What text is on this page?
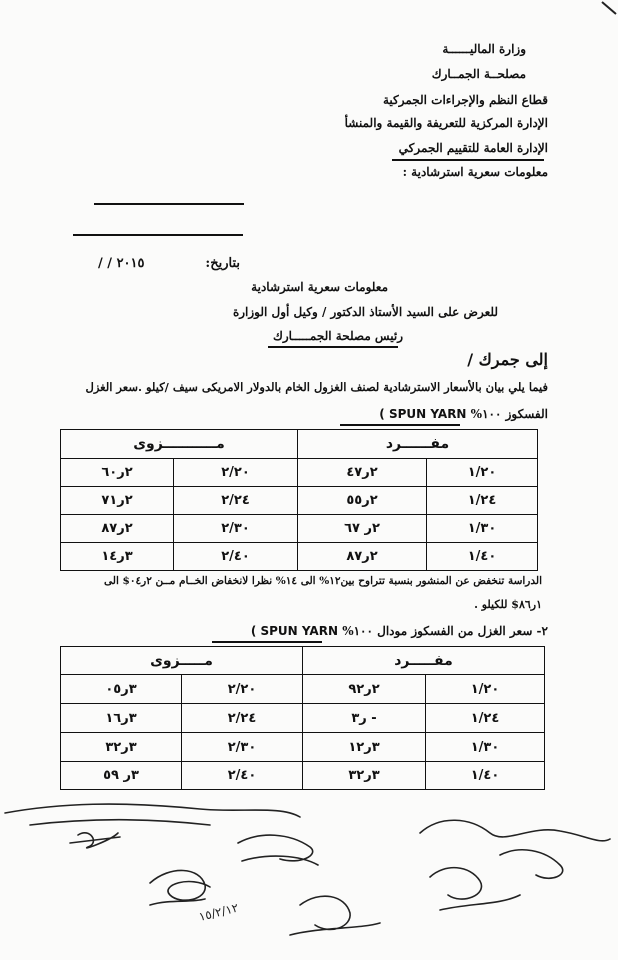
وزارة الماليــــــة
مصلحــة الجمــارك
قطاع النظم والإجراءات الجمركية
الإدارة المركزية للتعريفة والقيمة والمنشأ
الإدارة العامة للتقييم الجمركي
معلومات سعرية استرشادية :
بتاريخ:
/ / ٢٠١٥
معلومات سعرية استرشادية
للعرض على السيد الأستاذ الدكتور / وكيل أول الوزارة
رئيس مصلحة الجمـــــارك
إلى جمرك /
فيما يلي بيان بالأسعار الاسترشادية لصنف الغزول الخام بالدولار الامريكى سيف /كيلو .سعر الغزل
الفسكوز ١٠٠% ( SPUN YARN
مفــــــرد		مـــــــــــزوى	
١/٢٠	٢ر٤٧	٢/٢٠	٢ر٦٠
١/٢٤	٢ر٥٥	٢/٢٤	٢ر٧١
١/٣٠	٢ر ٦٧	٢/٣٠	٢ر٨٧
١/٤٠	٢ر٨٧	٢/٤٠	٣ر١٤
الدراسة تنخفض عن المنشور بنسبة تتراوح بين١٢% الى ١٤% نظرا لانخفاض الخــام مــن ٢ر٠٤$ الى
١ر٨٦$ للكيلو .
٢- سعر الغزل من الفسكوز مودال ١٠٠% ( SPUN YARN
مفـــــرد		مـــــزوى	
١/٢٠	٢ر٩٢	٢/٢٠	٣ر٠٥
١/٢٤	- ر٣	٢/٢٤	٣ر١٦
١/٣٠	٣ر١٢	٢/٣٠	٣ر٣٢
١/٤٠	٣ر٣٢	٢/٤٠	٣ر ٥٩
١٥/٢/١٢
